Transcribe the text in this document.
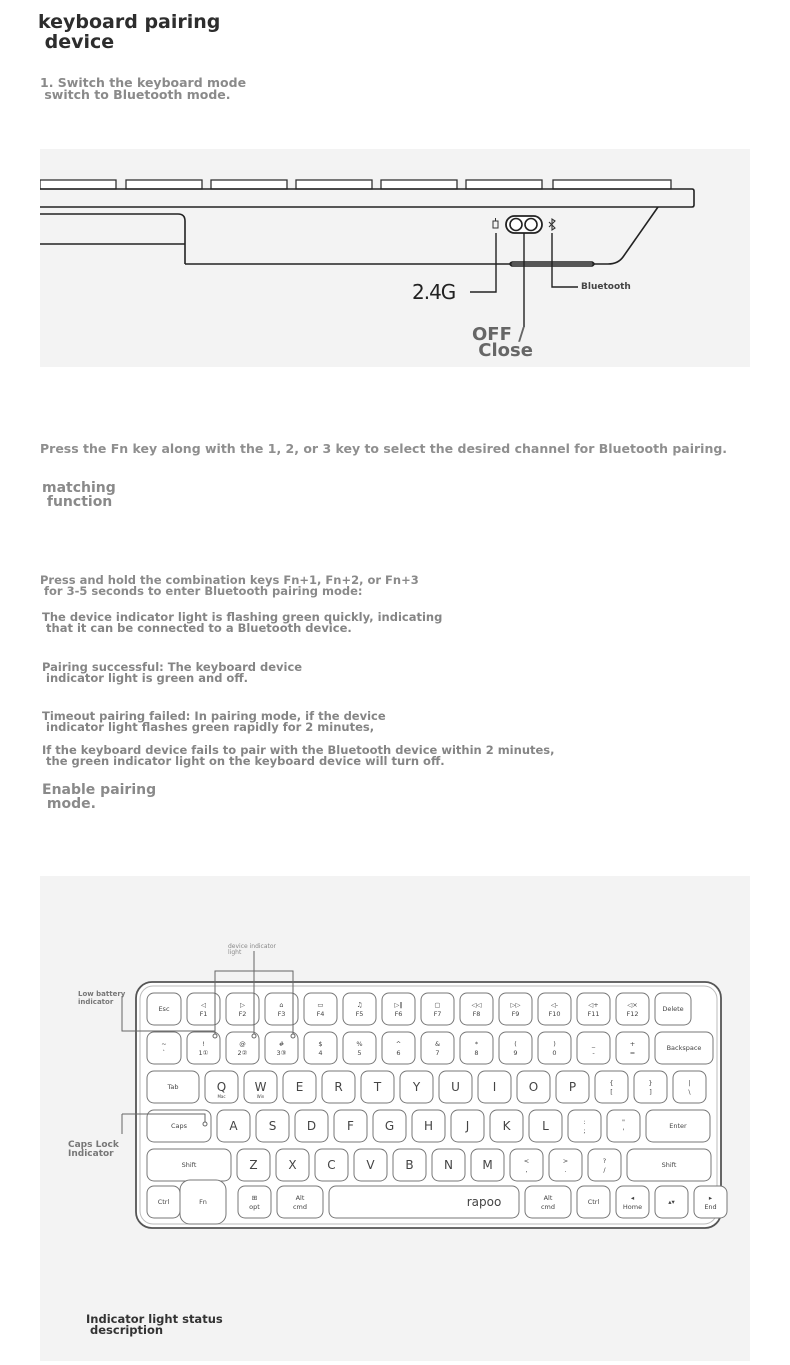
keyboard pairing
device
1. Switch the keyboard mode
switch to Bluetooth mode.
2.4G	Bluetooth
OFF /
Close
Press the Fn key along with the 1, 2, or 3 key to select the desired channel for Bluetooth pairing.
matching
function
Press and hold the combination keys Fn+1, Fn+2, or Fn+3
for 3-5 seconds to enter Bluetooth pairing mode:
The device indicator light is flashing green quickly, indicating
that it can be connected to a Bluetooth device.
Pairing successful: The keyboard device
indicator light is green and off.
Timeout pairing failed: In pairing mode, if the device
indicator light flashes green rapidly for 2 minutes,
If the keyboard device fails to pair with the Bluetooth device within 2 minutes,
the green indicator light on the keyboard device will turn off.
Enable pairing
mode.
Esc
◁
F1
▷
F2
⌂
F3
▭
F4
♫
F5
▷‖
F6
▢
F7
◁◁
F8
▷▷
F9
◁-
F10
◁+
F11
◁×
F12
Delete
~
`
!
1①
@
2②
#
3③
$
4
%
5
^
6
&
7
*
8
(
9
)
0
_
-
+
=
Backspace
Tab	Q
Mac
W
Win
E	R	T	Y	U	I	O	P	{
[
}
]
|
\
Caps	A	S	D	F	G H	J	K	L	:
;
"
'
Enter
Shift	Z	X	C	V	B	N M	<
,
>
.
?
/
Shift
Ctrl	Fn
⊞
opt
Alt
cmd	rapoo	Alt
cmd
Ctrl
◂
Home
▴▾
▸
End
device indicator
light
Low battery
indicator
Caps Lock
Indicator
Indicator light status
description
